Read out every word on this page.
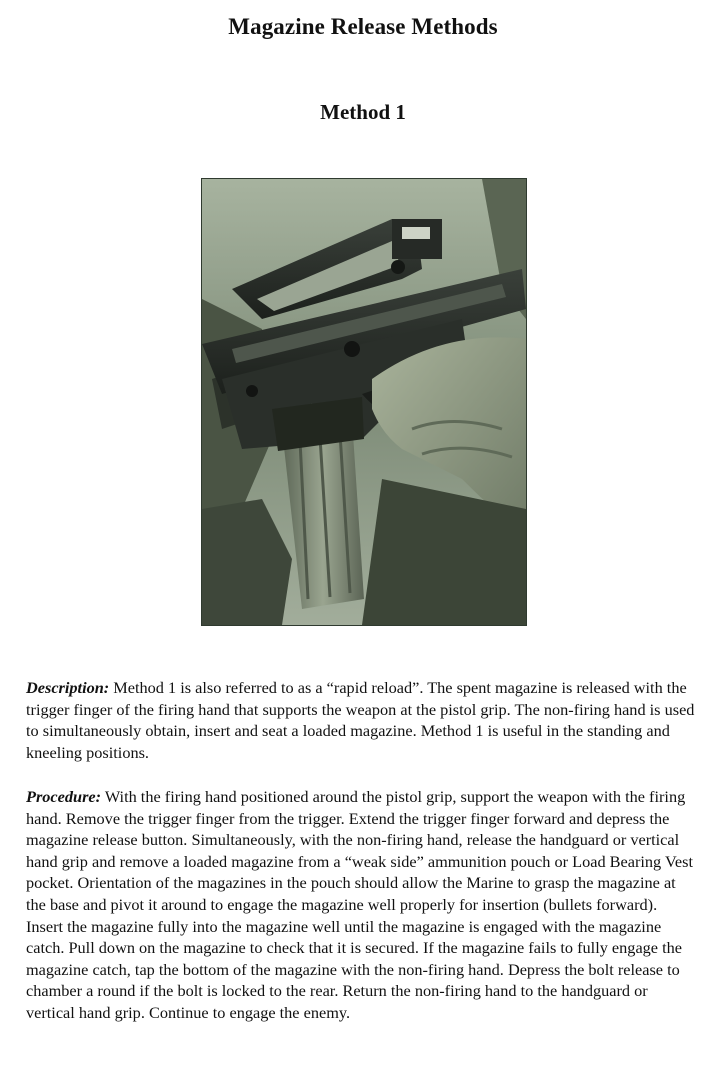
Magazine Release Methods
Method 1

Description: Method 1 is also referred to as a “rapid reload”. The spent magazine is released with the trigger finger of the firing hand that supports the weapon at the pistol grip. The non-firing hand is used to simultaneously obtain, insert and seat a loaded magazine. Method 1 is useful in the standing and kneeling positions.

Procedure: With the firing hand positioned around the pistol grip, support the weapon with the firing hand. Remove the trigger finger from the trigger. Extend the trigger finger forward and depress the magazine release button. Simultaneously, with the non-firing hand, release the handguard or vertical hand grip and remove a loaded magazine from a “weak side” ammunition pouch or Load Bearing Vest pocket. Orientation of the magazines in the pouch should allow the Marine to grasp the magazine at the base and pivot it around to engage the magazine well properly for insertion (bullets forward). Insert the magazine fully into the magazine well until the magazine is engaged with the magazine catch. Pull down on the magazine to check that it is secured. If the magazine fails to fully engage the magazine catch, tap the bottom of the magazine with the non-firing hand. Depress the bolt release to chamber a round if the bolt is locked to the rear. Return the non-firing hand to the handguard or vertical hand grip. Continue to engage the enemy.
